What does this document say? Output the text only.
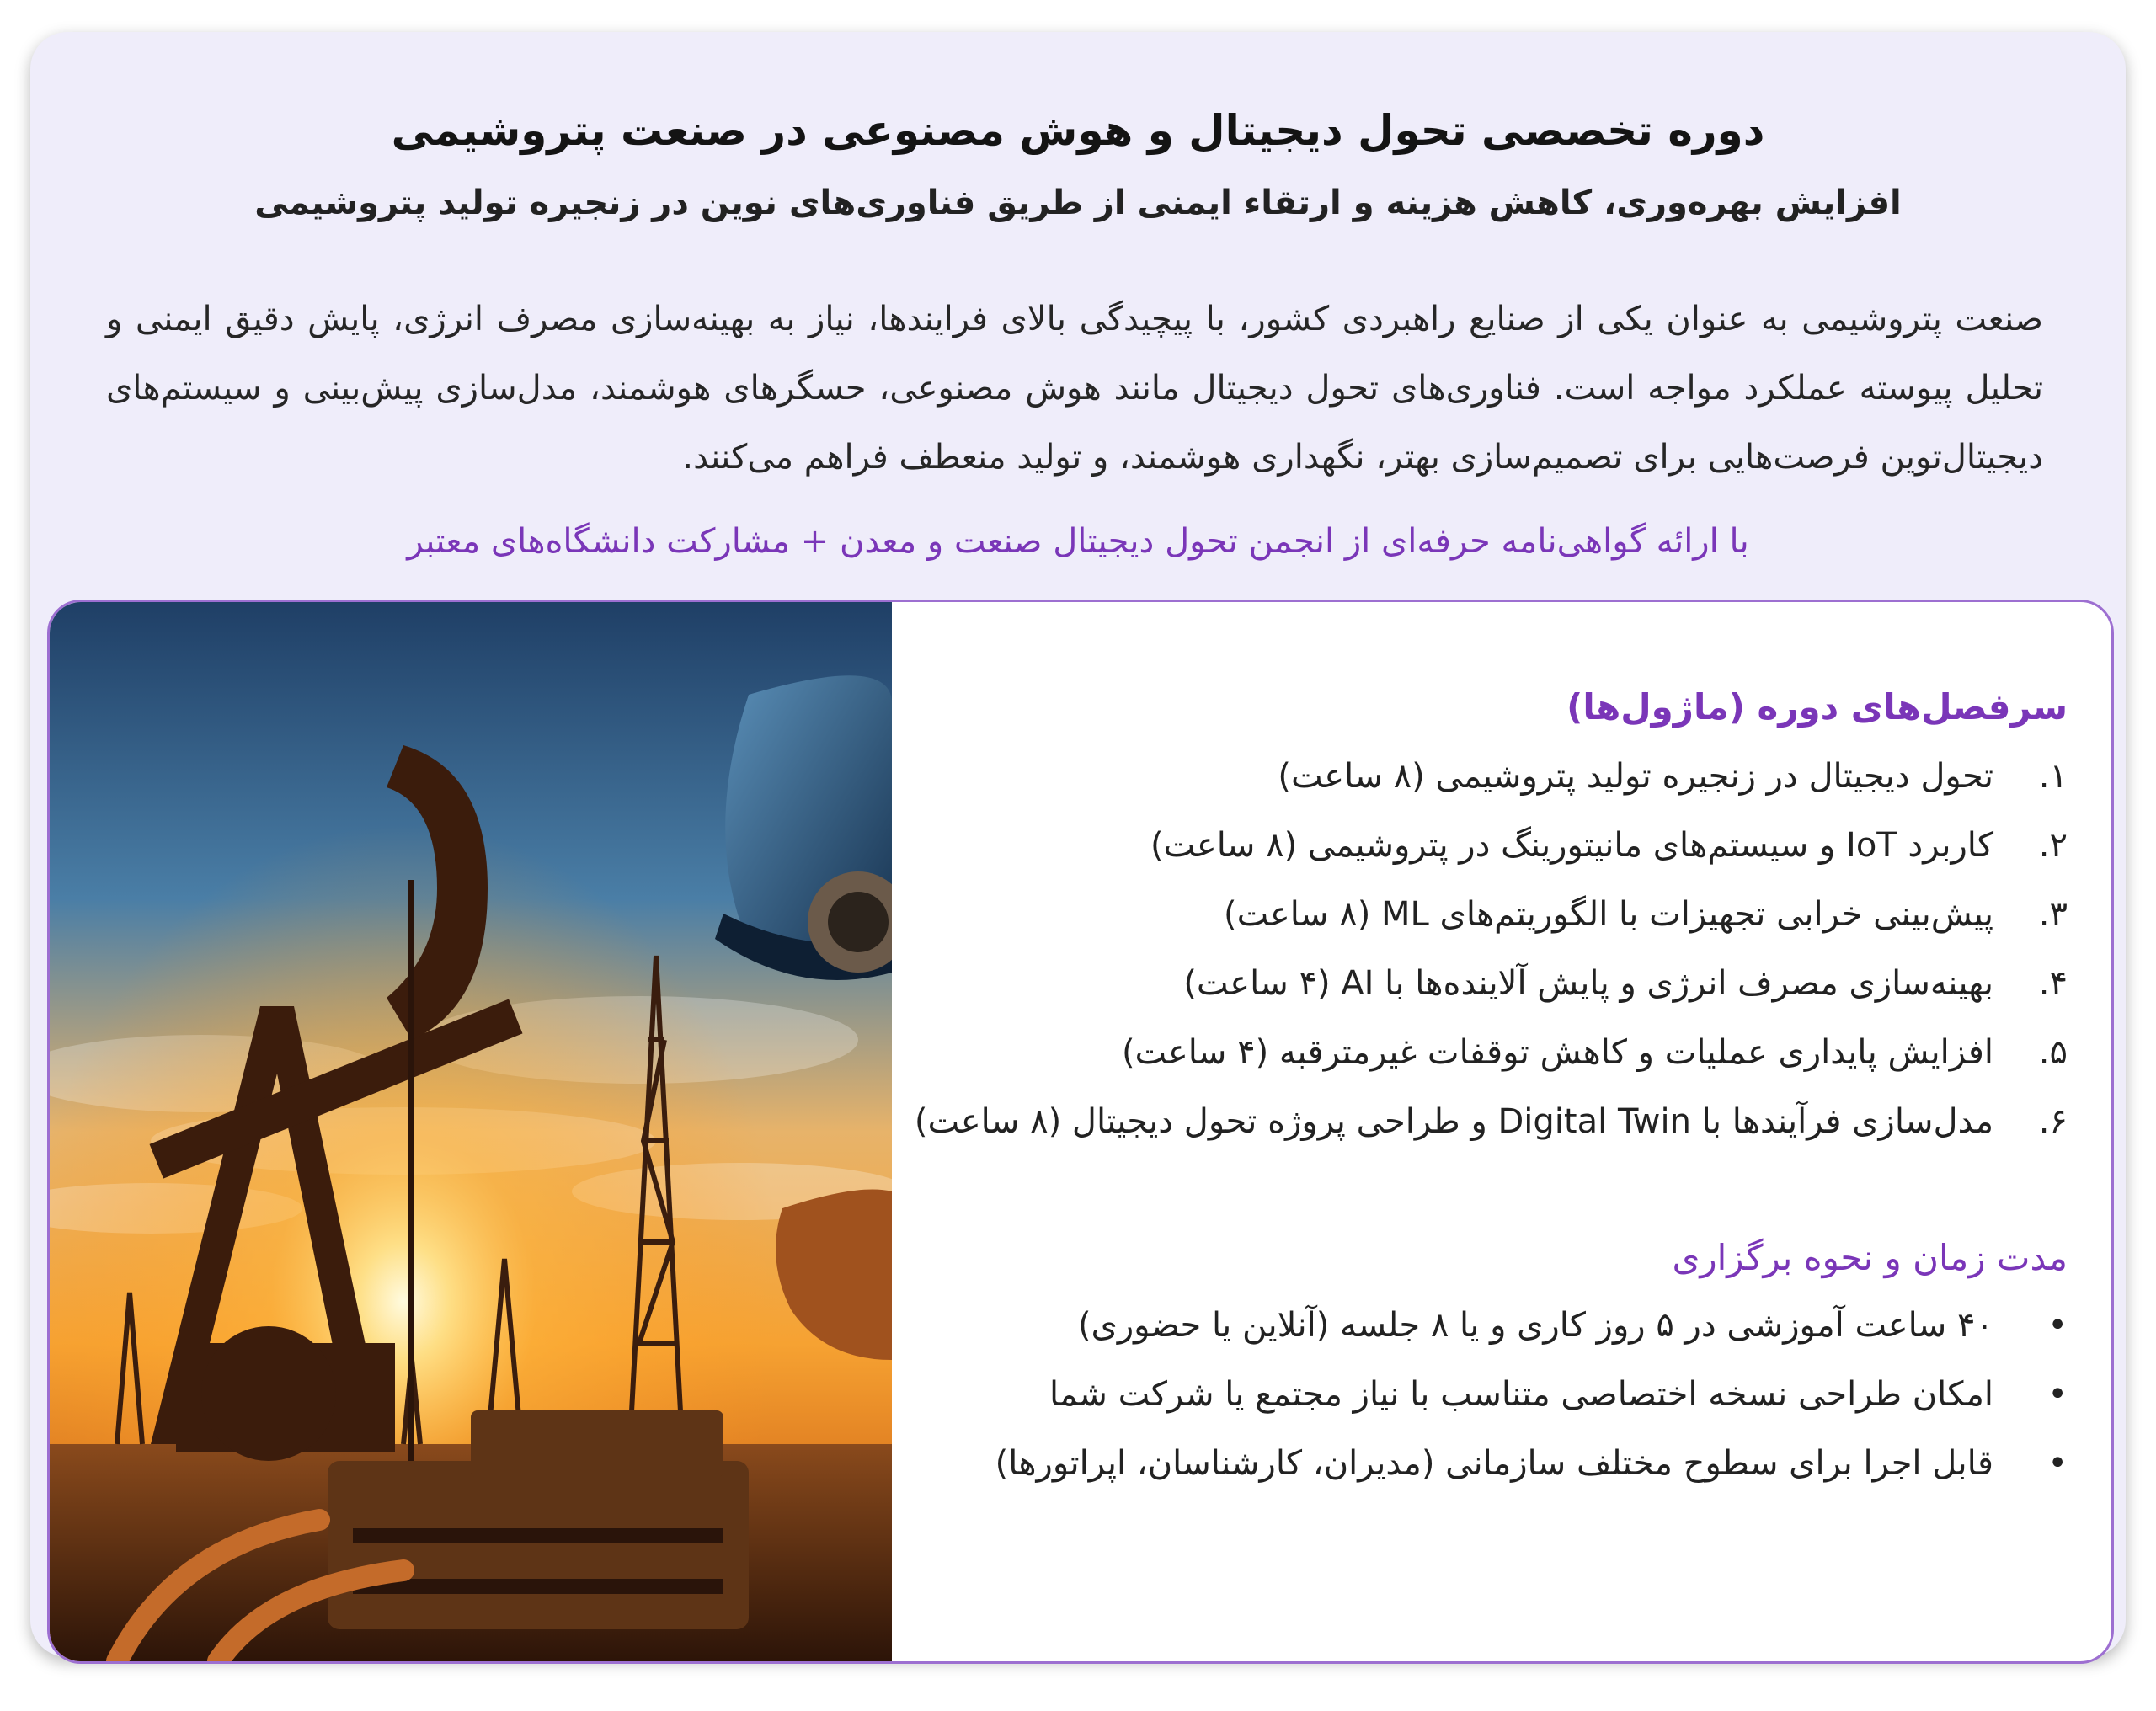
دوره تخصصی تحول دیجیتال و هوش مصنوعی در صنعت پتروشیمی
افزایش بهره‌وری، کاهش هزینه و ارتقاء ایمنی از طریق فناوری‌های نوین در زنجیره تولید پتروشیمی
صنعت پتروشیمی به عنوان یکی از صنایع راهبردی کشور، با پیچیدگی بالای فرایندها، نیاز به بهینه‌سازی مصرف انرژی، پایش دقیق ایمنی و تحلیل پیوسته عملکرد مواجه است. فناوری‌های تحول دیجیتال مانند هوش مصنوعی، حسگرهای هوشمند، مدل‌سازی پیش‌بینی و سیستم‌های دیجیتال‌توین فرصت‌هایی برای تصمیم‌سازی بهتر، نگهداری هوشمند، و تولید منعطف فراهم می‌کنند.
با ارائه گواهی‌نامه حرفه‌ای از انجمن تحول دیجیتال صنعت و معدن + مشارکت دانشگاه‌های معتبر
سرفصل‌های دوره (ماژول‌ها)
۱.
تحول دیجیتال در زنجیره تولید پتروشیمی (۸ ساعت)
۲.
کاربرد IoT و سیستم‌های مانیتورینگ در پتروشیمی (۸ ساعت)
۳.
پیش‌بینی خرابی تجهیزات با الگوریتم‌های ML (۸ ساعت)
۴.
بهینه‌سازی مصرف انرژی و پایش آلاینده‌ها با AI (۴ ساعت)
۵.
افزایش پایداری عملیات و کاهش توقفات غیرمترقبه (۴ ساعت)
۶.
مدل‌سازی فرآیندها با Digital Twin و طراحی پروژه تحول دیجیتال (۸ ساعت)
مدت زمان و نحوه برگزاری
•
۴۰ ساعت آموزشی در ۵ روز کاری و یا ۸ جلسه (آنلاین یا حضوری)
•
امکان طراحی نسخه اختصاصی متناسب با نیاز مجتمع یا شرکت شما
•
قابل اجرا برای سطوح مختلف سازمانی (مدیران، کارشناسان، اپراتورها)
